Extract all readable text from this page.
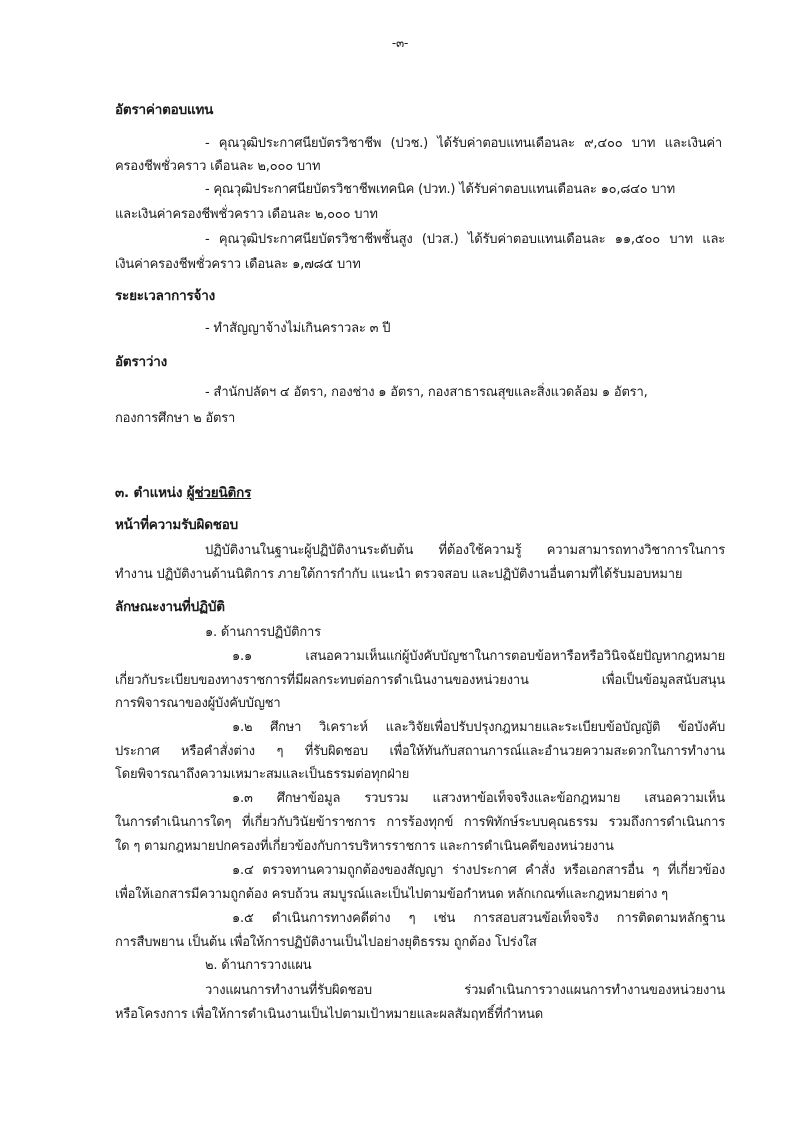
-๓-
อัตราค่าตอบแทน
- คุณวุฒิประกาศนียบัตรวิชาชีพ (ปวช.) ได้รับค่าตอบแทนเดือนละ ๙,๔๐๐ บาท และเงินค่า
ครองชีพชั่วคราว เดือนละ ๒,๐๐๐ บาท
- คุณวุฒิประกาศนียบัตรวิชาชีพเทคนิค (ปวท.) ได้รับค่าตอบแทนเดือนละ ๑๐,๘๔๐ บาท
และเงินค่าครองชีพชั่วคราว เดือนละ ๒,๐๐๐ บาท
- คุณวุฒิประกาศนียบัตรวิชาชีพชั้นสูง (ปวส.) ได้รับค่าตอบแทนเดือนละ ๑๑,๕๐๐ บาท และ
เงินค่าครองชีพชั่วคราว เดือนละ ๑,๗๘๕ บาท
ระยะเวลาการจ้าง
- ทำสัญญาจ้างไม่เกินคราวละ ๓ ปี
อัตราว่าง
- สำนักปลัดฯ ๔ อัตรา, กองช่าง ๑ อัตรา, กองสาธารณสุขและสิ่งแวดล้อม ๑ อัตรา,
กองการศึกษา ๒ อัตรา
๓. ตำแหน่ง ผู้ช่วยนิติกร
หน้าที่ความรับผิดชอบ
ปฏิบัติงานในฐานะผู้ปฏิบัติงานระดับต้น ที่ต้องใช้ความรู้ ความสามารถทางวิชาการในการ
ทำงาน ปฏิบัติงานด้านนิติการ ภายใต้การกำกับ แนะนำ ตรวจสอบ และปฏิบัติงานอื่นตามที่ได้รับมอบหมาย
ลักษณะงานที่ปฏิบัติ
๑. ด้านการปฏิบัติการ
๑.๑ เสนอความเห็นแก่ผู้บังคับบัญชาในการตอบข้อหารือหรือวินิจฉัยปัญหากฎหมาย
เกี่ยวกับระเบียบของทางราชการที่มีผลกระทบต่อการดำเนินงานของหน่วยงาน เพื่อเป็นข้อมูลสนับสนุน
การพิจารณาของผู้บังคับบัญชา
๑.๒ ศึกษา วิเคราะห์ และวิจัยเพื่อปรับปรุงกฎหมายและระเบียบข้อบัญญัติ ข้อบังคับ
ประกาศ หรือคำสั่งต่าง ๆ ที่รับผิดชอบ เพื่อให้ทันกับสถานการณ์และอำนวยความสะดวกในการทำงาน
โดยพิจารณาถึงความเหมาะสมและเป็นธรรมต่อทุกฝ่าย
๑.๓ ศึกษาข้อมูล รวบรวม แสวงหาข้อเท็จจริงและข้อกฎหมาย เสนอความเห็น
ในการดำเนินการใดๆ ที่เกี่ยวกับวินัยข้าราชการ การร้องทุกข์ การพิทักษ์ระบบคุณธรรม รวมถึงการดำเนินการ
ใด ๆ ตามกฎหมายปกครองที่เกี่ยวข้องกับการบริหารราชการ และการดำเนินคดีของหน่วยงาน
๑.๔ ตรวจทานความถูกต้องของสัญญา ร่างประกาศ คำสั่ง หรือเอกสารอื่น ๆ ที่เกี่ยวข้อง
เพื่อให้เอกสารมีความถูกต้อง ครบถ้วน สมบูรณ์และเป็นไปตามข้อกำหนด หลักเกณฑ์และกฎหมายต่าง ๆ
๑.๕ ดำเนินการทางคดีต่าง ๆ เช่น การสอบสวนข้อเท็จจริง การติดตามหลักฐาน
การสืบพยาน เป็นต้น เพื่อให้การปฏิบัติงานเป็นไปอย่างยุติธรรม ถูกต้อง โปร่งใส
๒. ด้านการวางแผน
วางแผนการทำงานที่รับผิดชอบ ร่วมดำเนินการวางแผนการทำงานของหน่วยงาน
หรือโครงการ เพื่อให้การดำเนินงานเป็นไปตามเป้าหมายและผลสัมฤทธิ์ที่กำหนด
